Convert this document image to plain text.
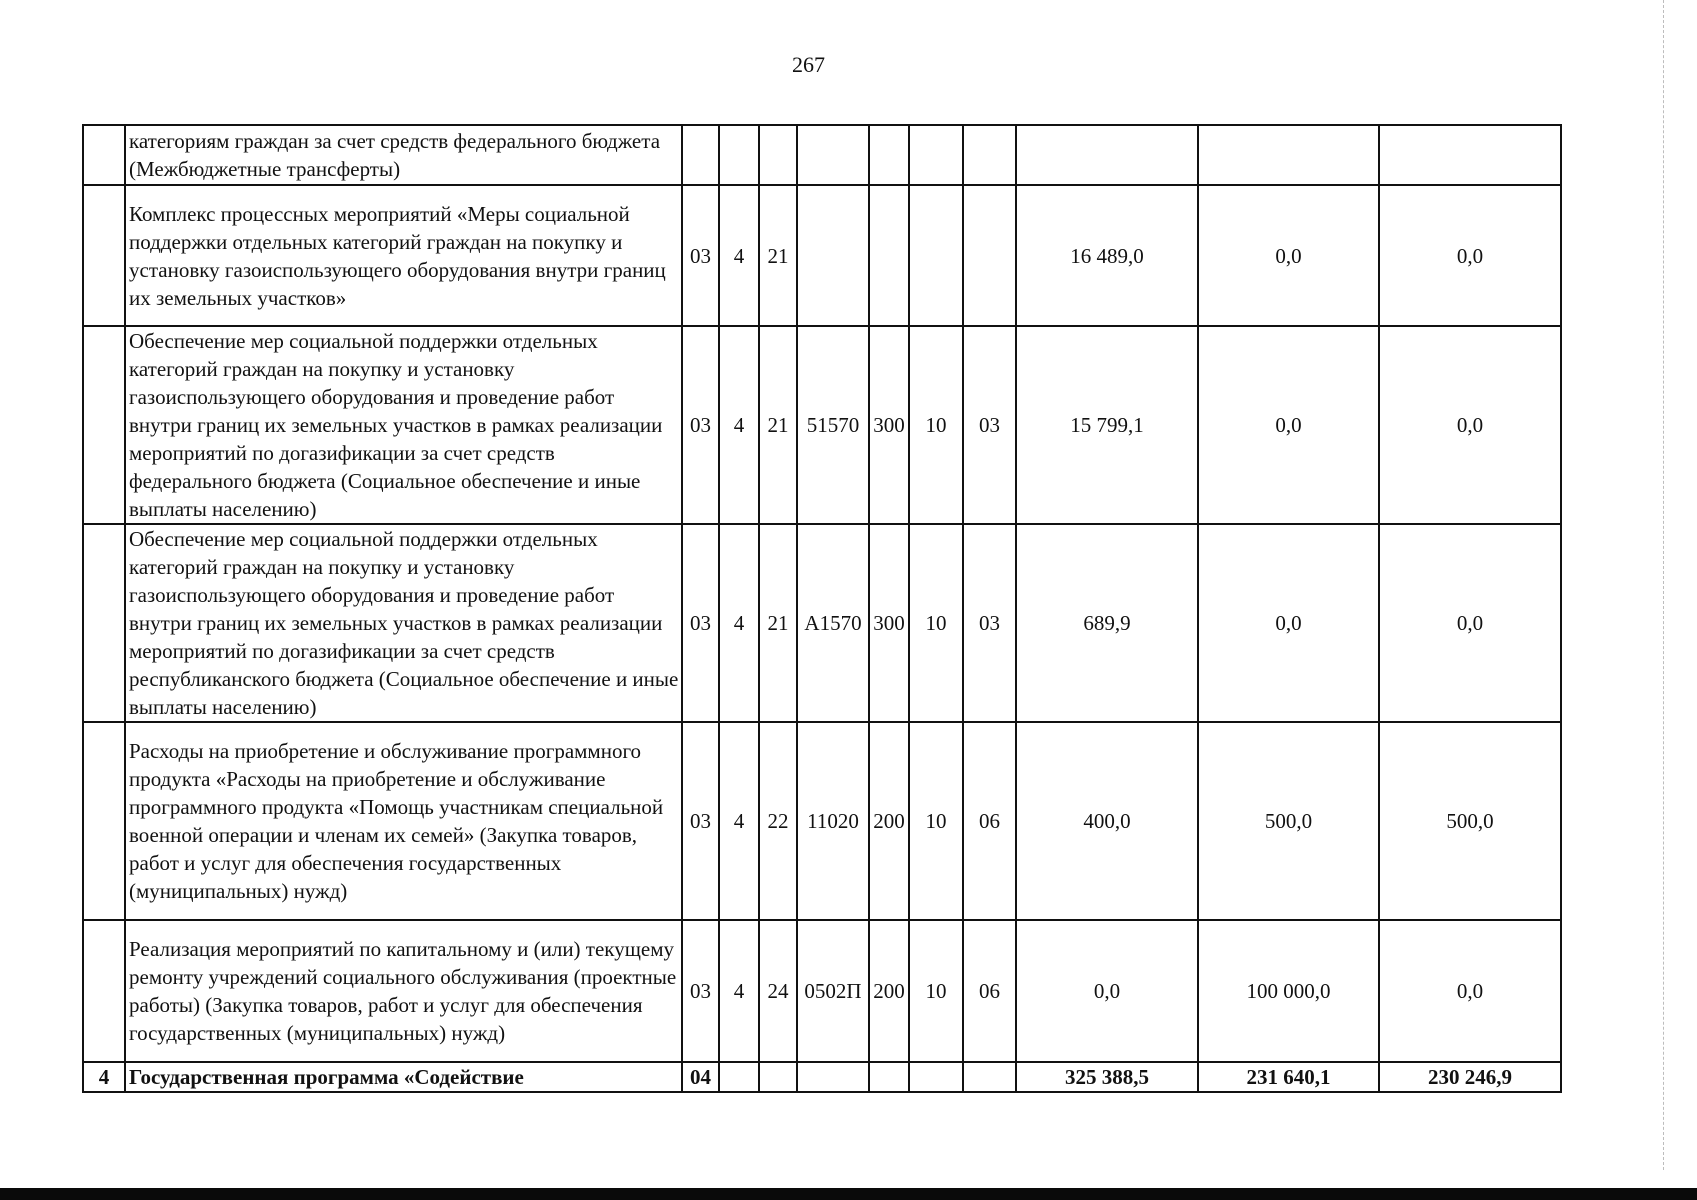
267
	категориям граждан за счет средств федерального бюджета (Межбюджетные трансферты)										
	Комплекс процессных мероприятий «Меры социальной поддержки отдельных категорий граждан на покупку и установку газоиспользующего оборудования внутри границ их земельных участков»	03	4	21					16 489,0	0,0	0,0
	Обеспечение мер социальной поддержки отдельных категорий граждан на покупку и установку газоиспользующего оборудования и проведение работ внутри границ их земельных участков в рамках реализации мероприятий по догазификации за счет средств федерального бюджета (Социальное обеспечение и иные выплаты населению)	03	4	21	51570	300	10	03	15 799,1	0,0	0,0
	Обеспечение мер социальной поддержки отдельных категорий граждан на покупку и установку газоиспользующего оборудования и проведение работ внутри границ их земельных участков в рамках реализации мероприятий по догазификации за счет средств республиканского бюджета (Социальное обеспечение и иные выплаты населению)	03	4	21	А1570	300	10	03	689,9	0,0	0,0
	Расходы на приобретение и обслуживание программного продукта «Расходы на приобретение и обслуживание программного продукта «Помощь участникам специальной военной операции и членам их семей» (Закупка товаров, работ и услуг для обеспечения государственных (муниципальных) нужд)	03	4	22	11020	200	10	06	400,0	500,0	500,0
	Реализация мероприятий по капитальному и (или) текущему ремонту учреждений социального обслуживания (проектные работы) (Закупка товаров, работ и услуг для обеспечения государственных (муниципальных) нужд)	03	4	24	0502П	200	10	06	0,0	100 000,0	0,0
4	Государственная программа «Содействие	04							325 388,5	231 640,1	230 246,9
